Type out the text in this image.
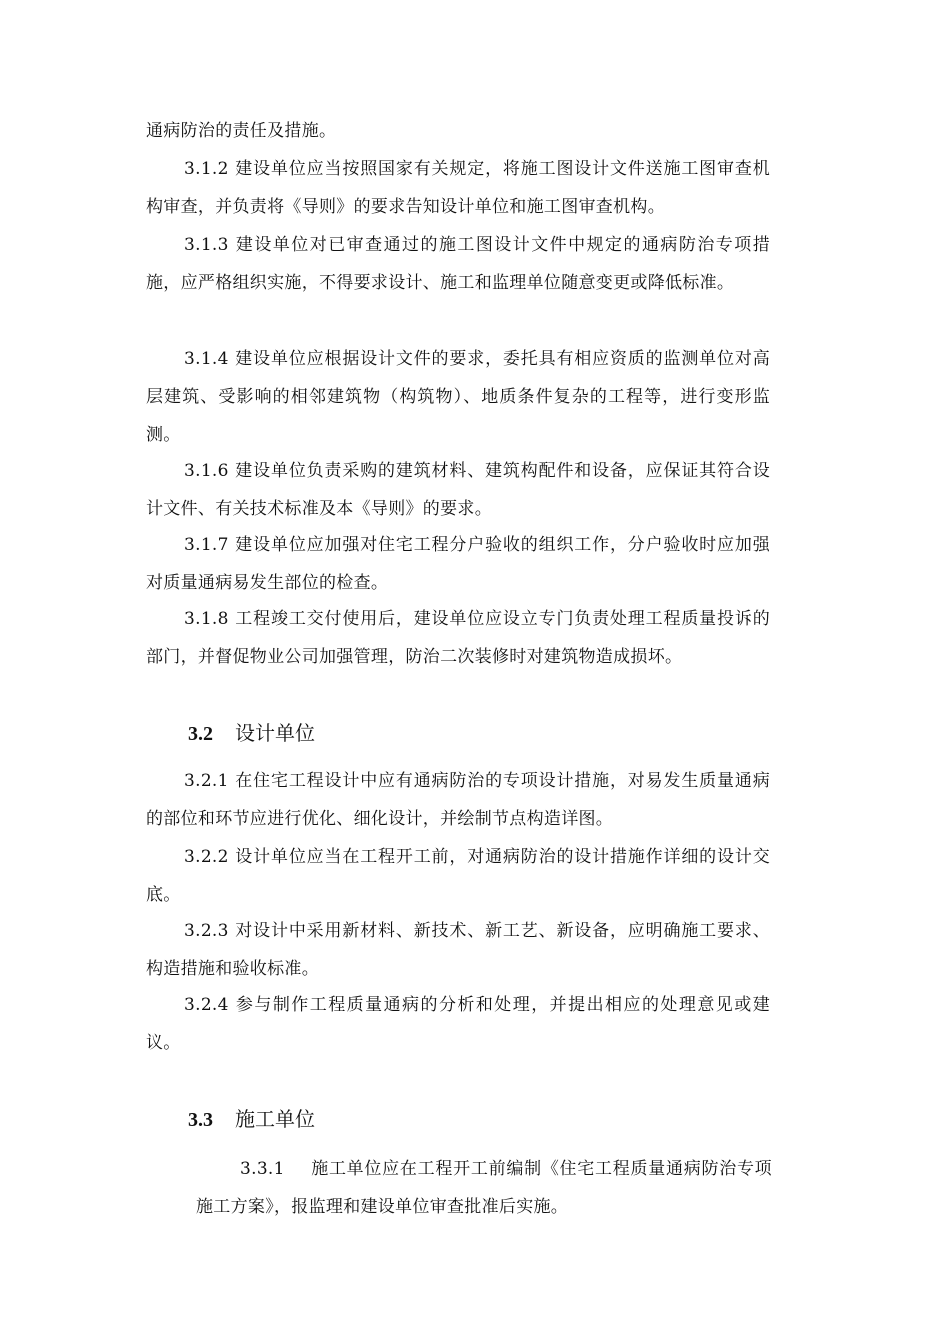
通病防治的责任及措施。

3.1.2 建设单位应当按照国家有关规定，将施工图设计文件送施工图审查机构审查，并负责将《导则》的要求告知设计单位和施工图审查机构。

3.1.3 建设单位对已审查通过的施工图设计文件中规定的通病防治专项措施，应严格组织实施，不得要求设计、施工和监理单位随意变更或降低标准。

3.1.4 建设单位应根据设计文件的要求，委托具有相应资质的监测单位对高层建筑、受影响的相邻建筑物（构筑物）、地质条件复杂的工程等，进行变形监测。

3.1.6 建设单位负责采购的建筑材料、建筑构配件和设备，应保证其符合设计文件、有关技术标准及本《导则》的要求。

3.1.7 建设单位应加强对住宅工程分户验收的组织工作，分户验收时应加强对质量通病易发生部位的检查。

3.1.8 工程竣工交付使用后，建设单位应设立专门负责处理工程质量投诉的部门，并督促物业公司加强管理，防治二次装修时对建筑物造成损坏。

3.2 设计单位

3.2.1 在住宅工程设计中应有通病防治的专项设计措施，对易发生质量通病的部位和环节应进行优化、细化设计，并绘制节点构造详图。

3.2.2 设计单位应当在工程开工前，对通病防治的设计措施作详细的设计交底。

3.2.3 对设计中采用新材料、新技术、新工艺、新设备，应明确施工要求、构造措施和验收标准。

3.2.4 参与制作工程质量通病的分析和处理，并提出相应的处理意见或建议。

3.3 施工单位

3.3.1 施工单位应在工程开工前编制《住宅工程质量通病防治专项施工方案》，报监理和建设单位审查批准后实施。
